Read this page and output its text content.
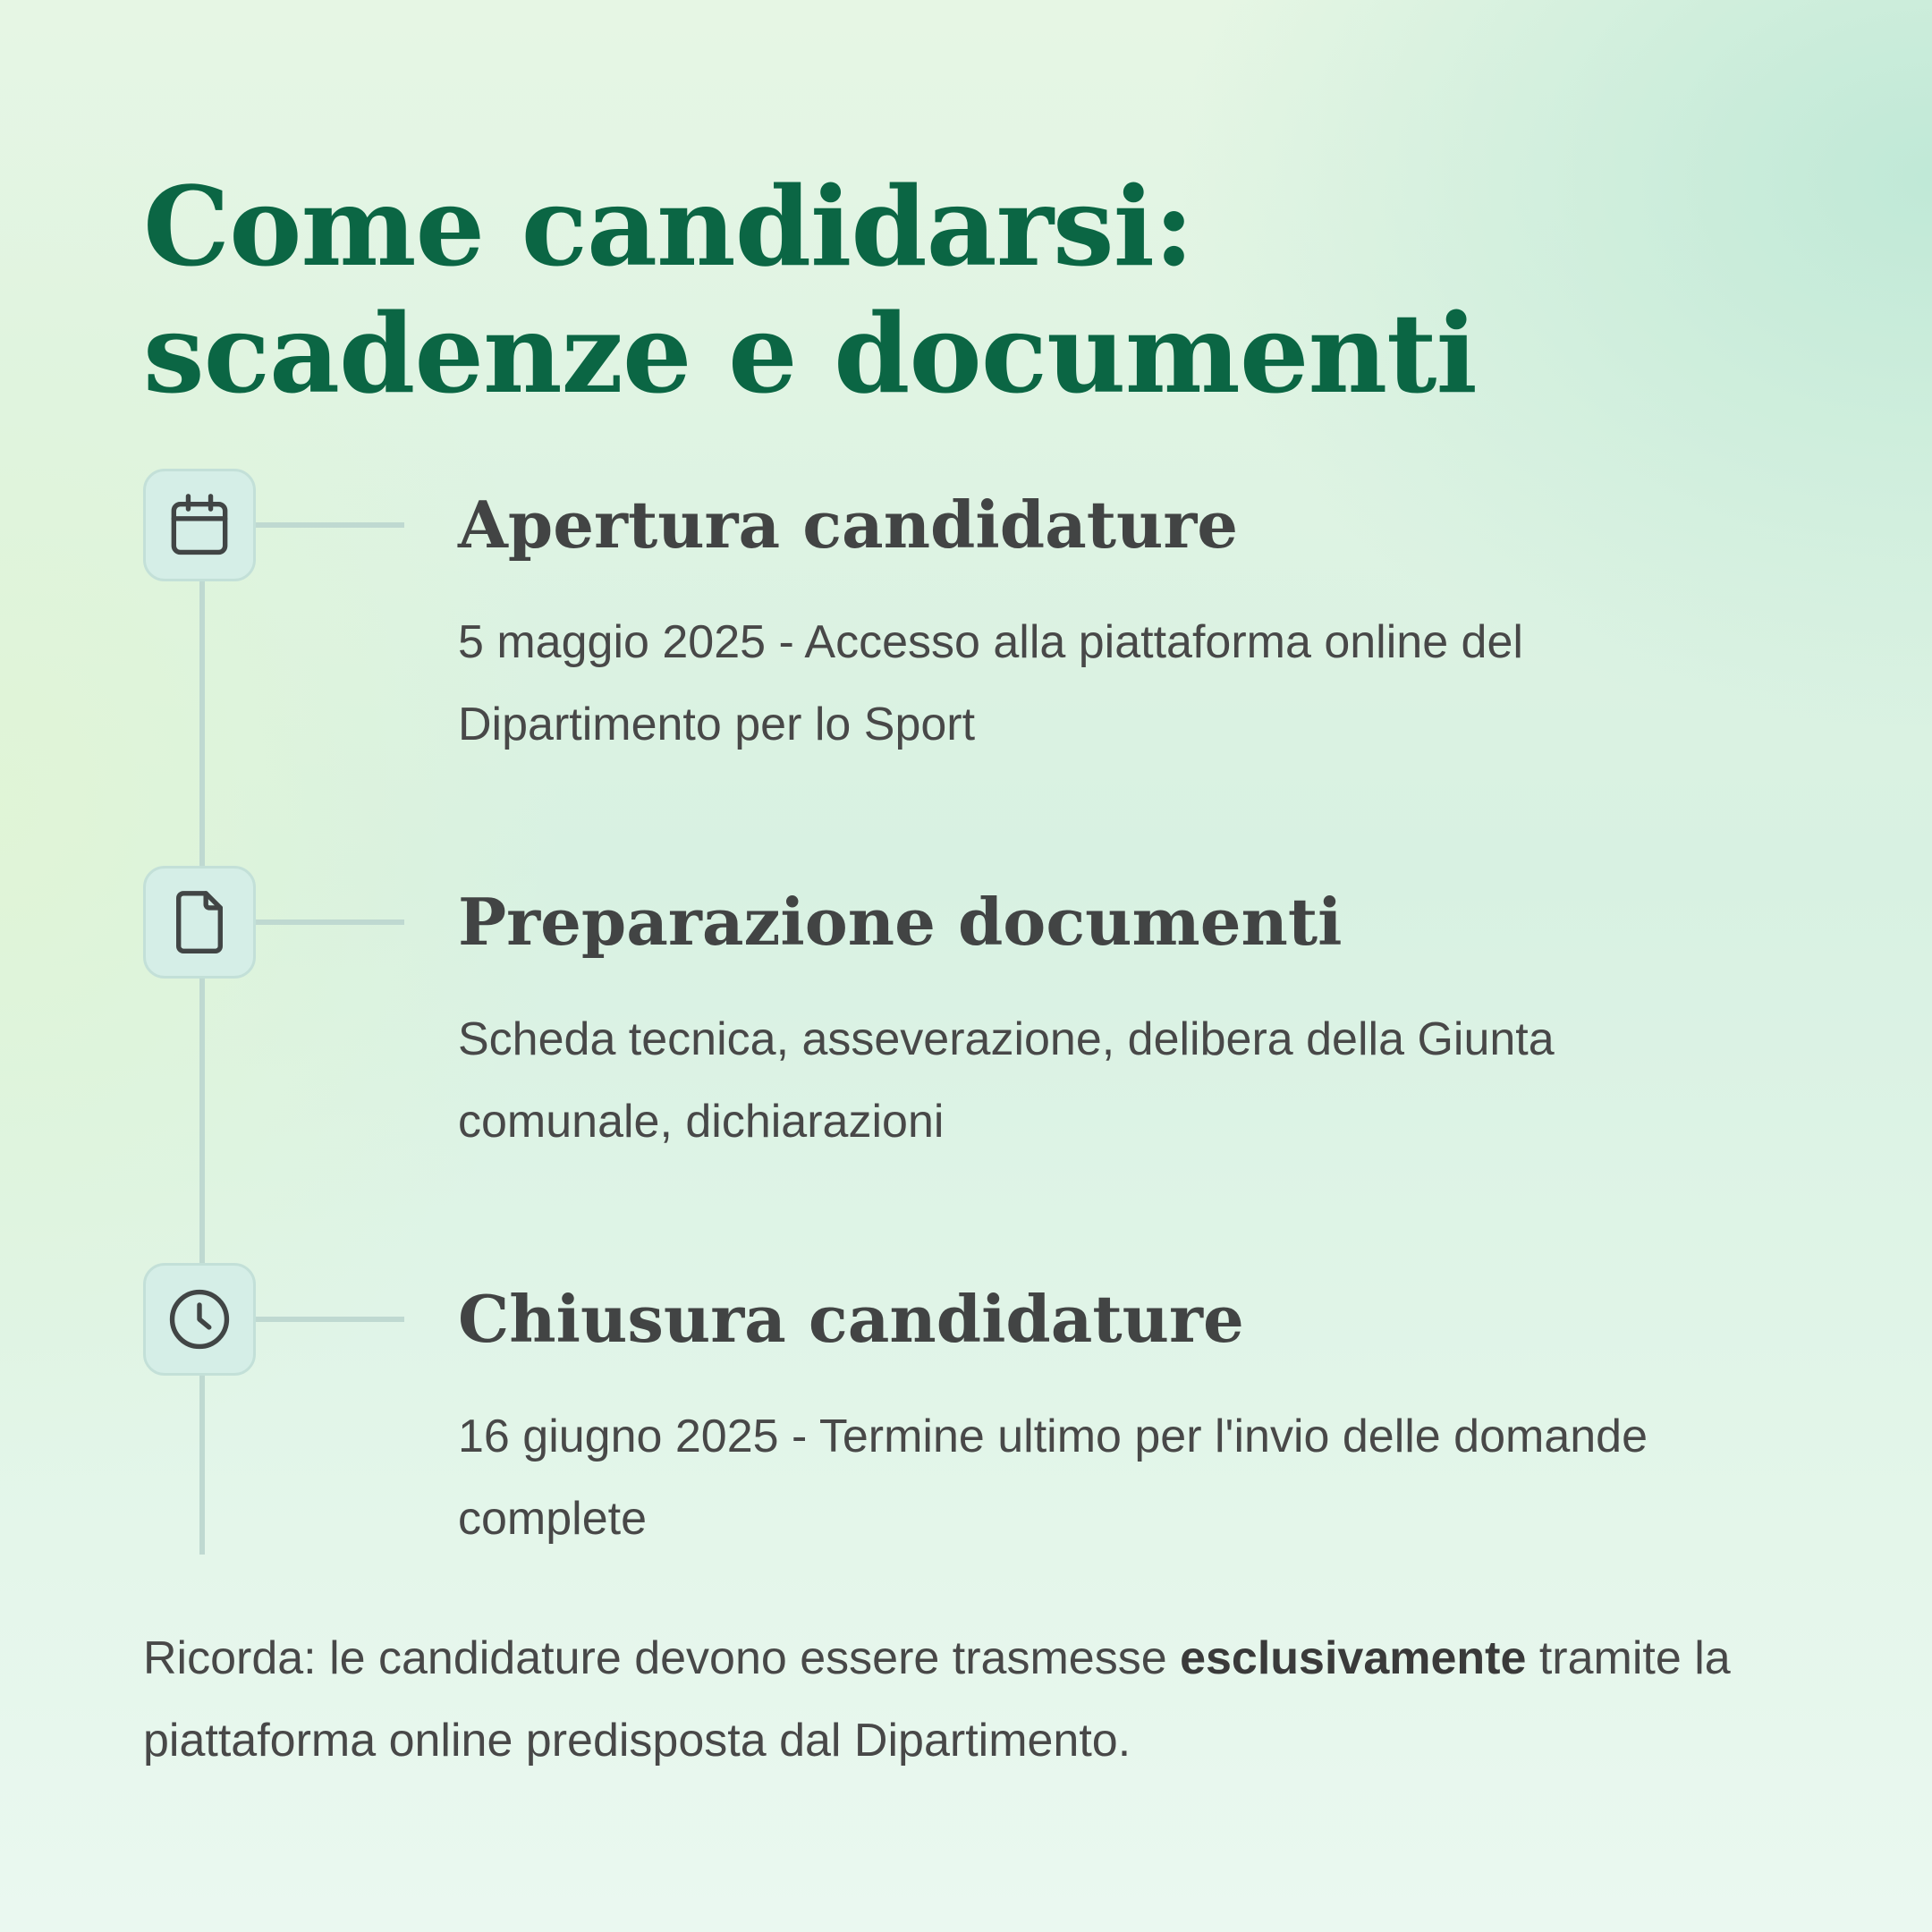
Come candidarsi: scadenze e documenti
Apertura candidature

5 maggio 2025 - Accesso alla piattaforma online del Dipartimento per lo Sport

Preparazione documenti

Scheda tecnica, asseverazione, delibera della Giunta comunale, dichiarazioni

Chiusura candidature

16 giugno 2025 - Termine ultimo per l'invio delle domande complete

Ricorda: le candidature devono essere trasmesse esclusivamente tramite la piattaforma online predisposta dal Dipartimento.
